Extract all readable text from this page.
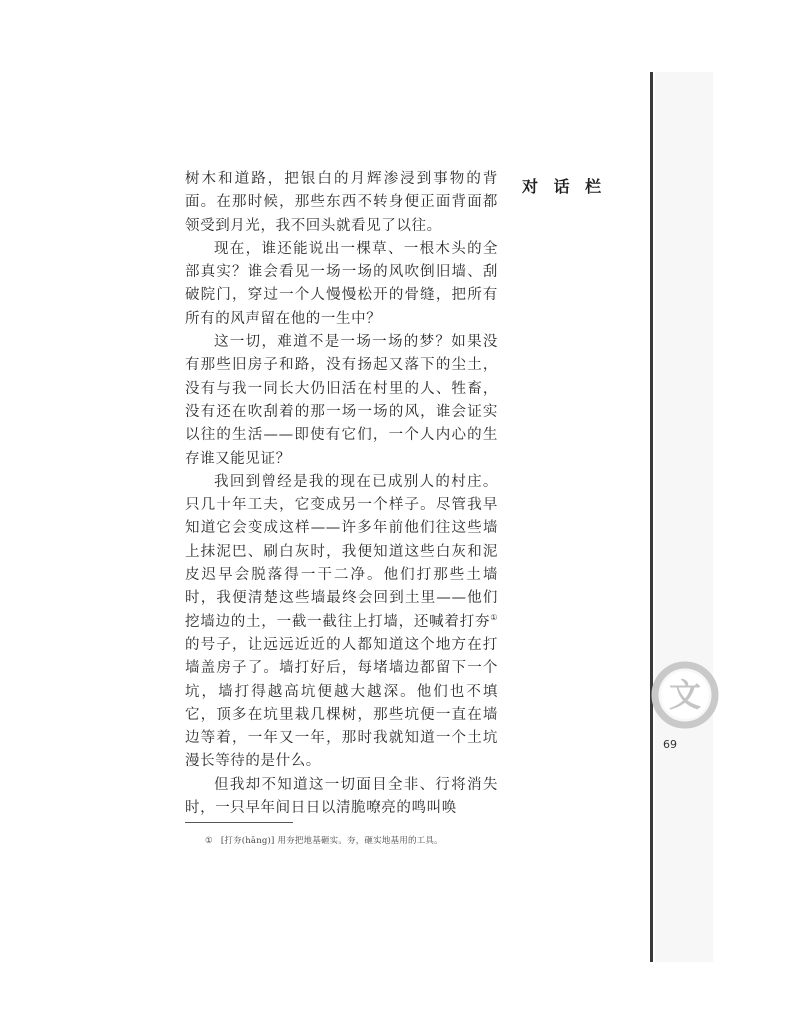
树木和道路，把银白的月辉渗浸到事物的背面。在那时候，那些东西不转身便正面背面都领受到月光，我不回头就看见了以往。

现在，谁还能说出一棵草、一根木头的全部真实？谁会看见一场一场的风吹倒旧墙、刮破院门，穿过一个人慢慢松开的骨缝，把所有所有的风声留在他的一生中？

这一切，难道不是一场一场的梦？如果没有那些旧房子和路，没有扬起又落下的尘土，没有与我一同长大仍旧活在村里的人、牲畜，没有还在吹刮着的那一场一场的风，谁会证实以往的生活——即使有它们，一个人内心的生存谁又能见证？

我回到曾经是我的现在已成别人的村庄。只几十年工夫，它变成另一个样子。尽管我早知道它会变成这样——许多年前他们往这些墙上抹泥巴、刷白灰时，我便知道这些白灰和泥皮迟早会脱落得一干二净。他们打那些土墙时，我便清楚这些墙最终会回到土里——他们挖墙边的土，一截一截往上打墙，还喊着打夯①的号子，让远远近近的人都知道这个地方在打墙盖房子了。墙打好后，每堵墙边都留下一个坑，墙打得越高坑便越大越深。他们也不填它，顶多在坑里栽几棵树，那些坑便一直在墙边等着，一年又一年，那时我就知道一个土坑漫长等待的是什么。

但我却不知道这一切面目全非、行将消失时，一只早年间日日以清脆嘹亮的鸣叫唤

对 话 栏
文
69
① [打夯(hāng)] 用夯把地基砸实。夯，砸实地基用的工具。
